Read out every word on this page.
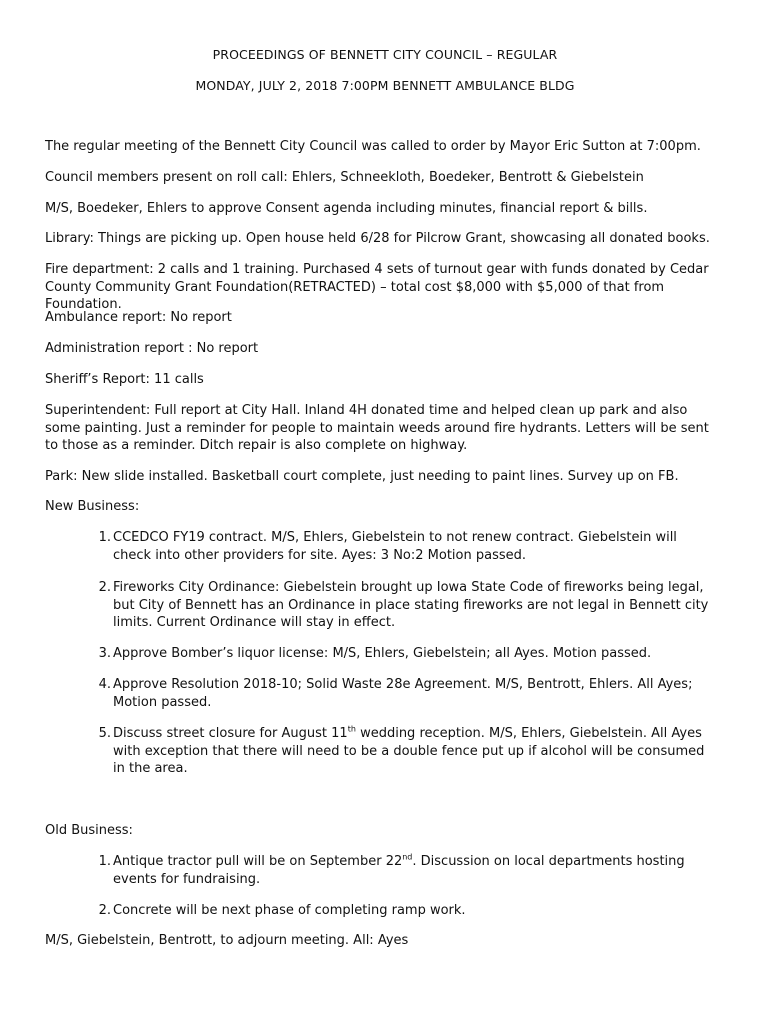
PROCEEDINGS OF BENNETT CITY COUNCIL – REGULAR
MONDAY, JULY 2, 2018 7:00PM BENNETT AMBULANCE BLDG
The regular meeting of the Bennett City Council was called to order by Mayor Eric Sutton at 7:00pm.
Council members present on roll call: Ehlers, Schneekloth, Boedeker, Bentrott & Giebelstein
M/S, Boedeker, Ehlers to approve Consent agenda including minutes, financial report & bills.
Library: Things are picking up. Open house held 6/28 for Pilcrow Grant, showcasing all donated books.
Fire department: 2 calls and 1 training. Purchased 4 sets of turnout gear with funds donated by Cedar County Community Grant Foundation(RETRACTED) – total cost $8,000 with $5,000 of that from Foundation.
Ambulance report: No report
Administration report : No report
Sheriff’s Report: 11 calls
Superintendent: Full report at City Hall. Inland 4H donated time and helped clean up park and also some painting. Just a reminder for people to maintain weeds around fire hydrants. Letters will be sent to those as a reminder. Ditch repair is also complete on highway.
Park: New slide installed. Basketball court complete, just needing to paint lines. Survey up on FB.
New Business:
1. CCEDCO FY19 contract. M/S, Ehlers, Giebelstein to not renew contract. Giebelstein will check into other providers for site. Ayes: 3 No:2 Motion passed.
2. Fireworks City Ordinance: Giebelstein brought up Iowa State Code of fireworks being legal, but City of Bennett has an Ordinance in place stating fireworks are not legal in Bennett city limits. Current Ordinance will stay in effect.
3. Approve Bomber’s liquor license: M/S, Ehlers, Giebelstein; all Ayes. Motion passed.
4. Approve Resolution 2018-10; Solid Waste 28e Agreement. M/S, Bentrott, Ehlers. All Ayes; Motion passed.
5. Discuss street closure for August 11th wedding reception. M/S, Ehlers, Giebelstein. All Ayes with exception that there will need to be a double fence put up if alcohol will be consumed in the area.
Old Business:
1. Antique tractor pull will be on September 22nd. Discussion on local departments hosting events for fundraising.
2. Concrete will be next phase of completing ramp work.
M/S, Giebelstein, Bentrott, to adjourn meeting. All: Ayes
